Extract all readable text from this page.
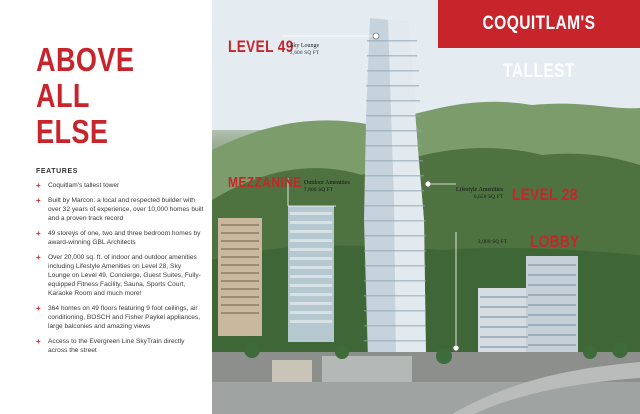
ABOVE
ALL
ELSE
FEATURES
+ Coquitlam's tallest tower
+ Built by Marcon: a local and respected builder with over 32 years of experience, over 10,000 homes built and a proven track record
+ 49 storeys of one, two and three bedroom homes by award-winning GBL Architects
+ Over 20,000 sq. ft. of indoor and outdoor amenities including Lifestyle Amenities on Level 28, Sky Lounge on Level 49, Concierge, Guest Suites, Fully-equipped Fitness Facility, Sauna, Sports Court, Karaoke Room and much more!
+ 364 homes on 49 floors featuring 9 foot ceilings, air conditioning, BOSCH and Fisher Paykel appliances, large balconies and amazing views
+ Access to the Evergreen Line SkyTrain directly across the street
COQUITLAM'S TALLEST
LEVEL 49
Sky Lounge
2,600 SQ FT
MEZZANINE Outdoor Amenities
7,600 SQ FT	Lifestyle Amenities
6,650 SQ FT LEVEL 28
3,000 SQ FT LOBBY
